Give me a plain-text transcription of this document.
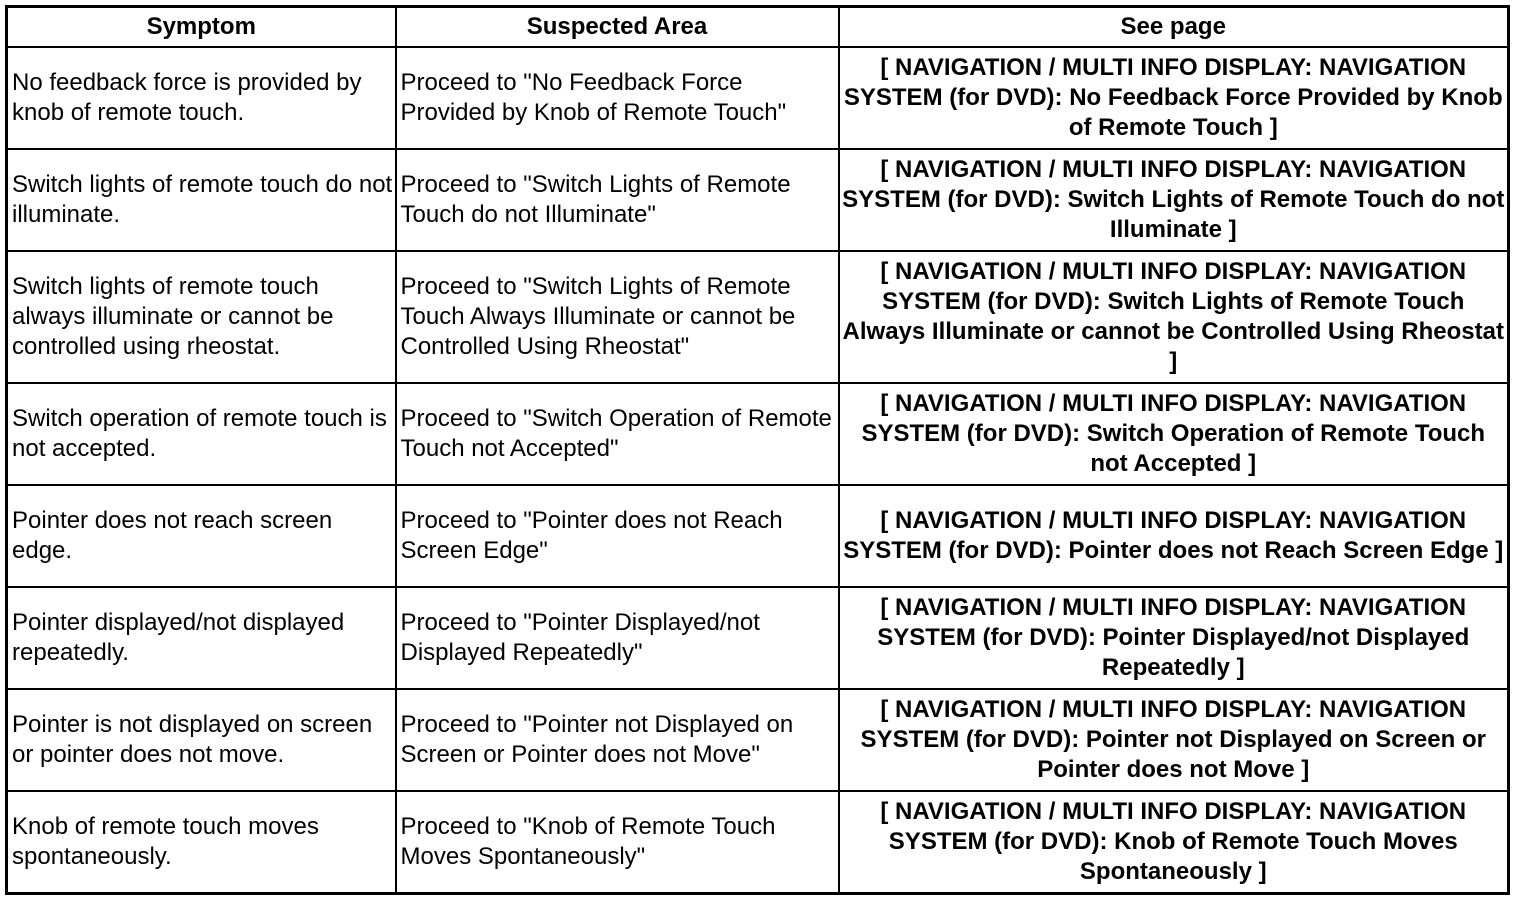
Symptom	Suspected Area	See page
No feedback force is provided by knob of remote touch.	Proceed to "No Feedback Force Provided by Knob of Remote Touch"	[ NAVIGATION / MULTI INFO DISPLAY: NAVIGATION SYSTEM (for DVD): No Feedback Force Provided by Knob of Remote Touch ]
Switch lights of remote touch do not illuminate.	Proceed to "Switch Lights of Remote Touch do not Illuminate"	[ NAVIGATION / MULTI INFO DISPLAY: NAVIGATION SYSTEM (for DVD): Switch Lights of Remote Touch do not Illuminate ]
Switch lights of remote touch always illuminate or cannot be controlled using rheostat.	Proceed to "Switch Lights of Remote Touch Always Illuminate or cannot be Controlled Using Rheostat"	[ NAVIGATION / MULTI INFO DISPLAY: NAVIGATION SYSTEM (for DVD): Switch Lights of Remote Touch Always Illuminate or cannot be Controlled Using Rheostat ]
Switch operation of remote touch is not accepted.	Proceed to "Switch Operation of Remote Touch not Accepted"	[ NAVIGATION / MULTI INFO DISPLAY: NAVIGATION SYSTEM (for DVD): Switch Operation of Remote Touch not Accepted ]
Pointer does not reach screen edge.	Proceed to "Pointer does not Reach Screen Edge"	[ NAVIGATION / MULTI INFO DISPLAY: NAVIGATION SYSTEM (for DVD): Pointer does not Reach Screen Edge ]
Pointer displayed/not displayed repeatedly.	Proceed to "Pointer Displayed/not Displayed Repeatedly"	[ NAVIGATION / MULTI INFO DISPLAY: NAVIGATION SYSTEM (for DVD): Pointer Displayed/not Displayed Repeatedly ]
Pointer is not displayed on screen or pointer does not move.	Proceed to "Pointer not Displayed on Screen or Pointer does not Move"	[ NAVIGATION / MULTI INFO DISPLAY: NAVIGATION SYSTEM (for DVD): Pointer not Displayed on Screen or Pointer does not Move ]
Knob of remote touch moves spontaneously.	Proceed to "Knob of Remote Touch Moves Spontaneously"	[ NAVIGATION / MULTI INFO DISPLAY: NAVIGATION SYSTEM (for DVD): Knob of Remote Touch Moves Spontaneously ]
